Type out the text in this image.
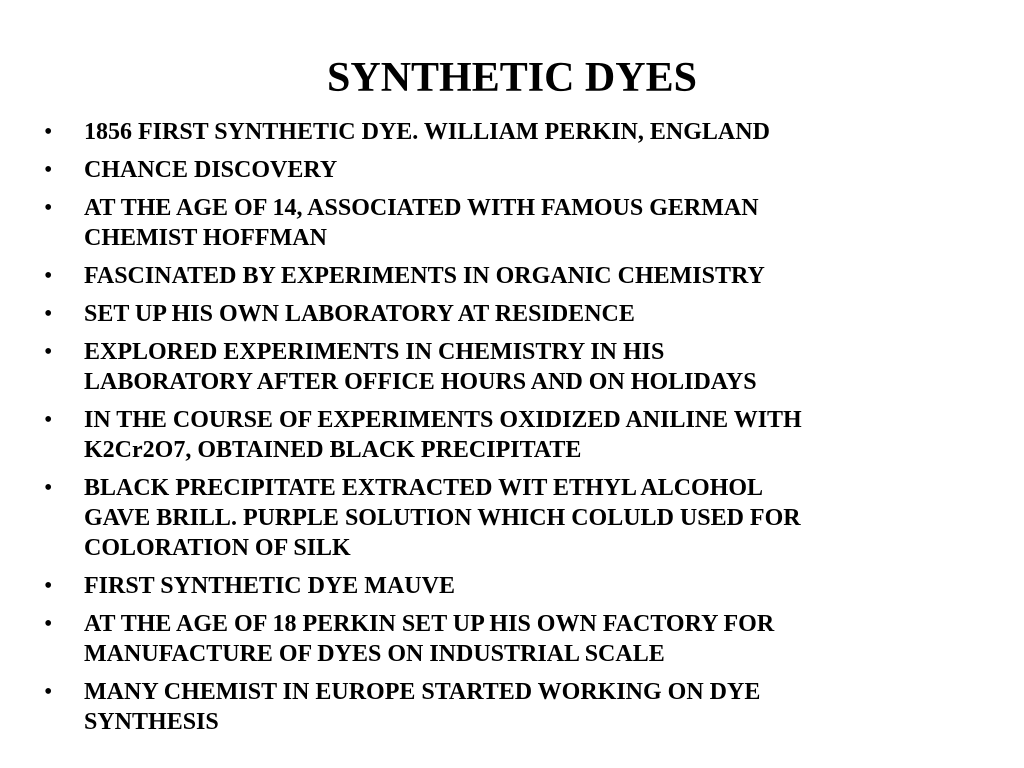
SYNTHETIC DYES
•	1856 FIRST SYNTHETIC DYE. WILLIAM PERKIN, ENGLAND
•	CHANCE DISCOVERY
•	AT THE AGE OF 14, ASSOCIATED WITH FAMOUS GERMAN
CHEMIST HOFFMAN
•	FASCINATED BY EXPERIMENTS IN ORGANIC CHEMISTRY
•	SET UP HIS OWN LABORATORY AT RESIDENCE
•	EXPLORED EXPERIMENTS IN CHEMISTRY IN HIS
LABORATORY AFTER OFFICE HOURS AND ON HOLIDAYS
•	IN THE COURSE OF EXPERIMENTS OXIDIZED ANILINE WITH
K2Cr2O7, OBTAINED BLACK PRECIPITATE
•	BLACK PRECIPITATE EXTRACTED WIT ETHYL ALCOHOL
GAVE BRILL. PURPLE SOLUTION WHICH COLULD USED FOR
COLORATION OF SILK
•	FIRST SYNTHETIC DYE MAUVE
•	AT THE AGE OF 18 PERKIN SET UP HIS OWN FACTORY FOR
MANUFACTURE OF DYES ON INDUSTRIAL SCALE
•	MANY CHEMIST IN EUROPE STARTED WORKING ON DYE
SYNTHESIS
